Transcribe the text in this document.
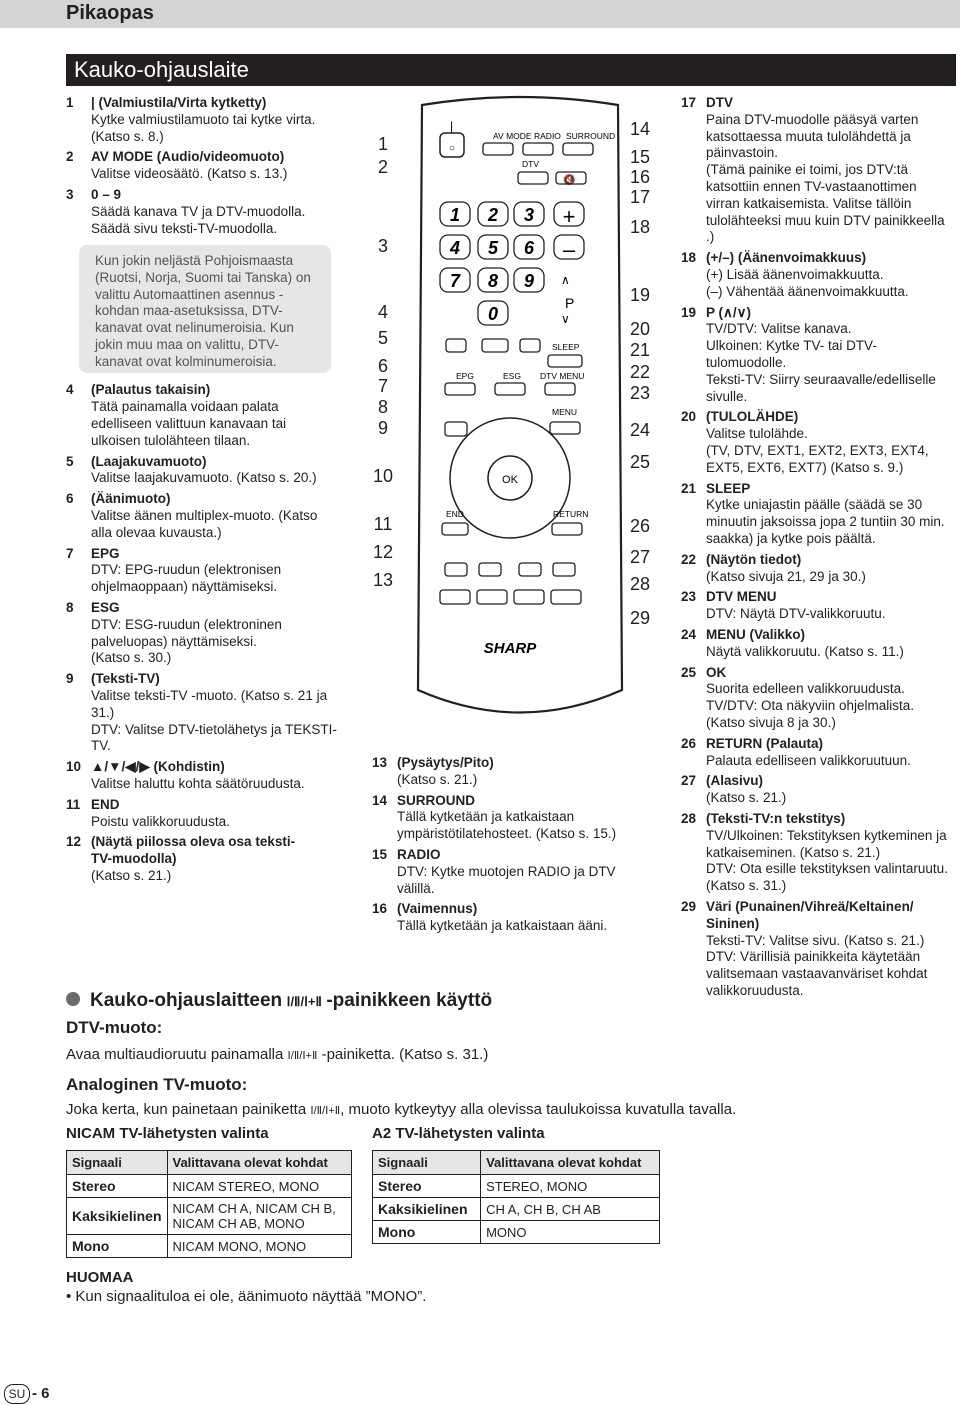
Pikaopas
Kauko-ohjauslaite
1 | (Valmiustila/Virta kytketty)
Kytke valmiustilamuoto tai kytke virta.
(Katso s. 8.)
2 AV MODE (Audio/videomuoto)
Valitse videosäätö. (Katso s. 13.)
3 0 – 9
Säädä kanava TV ja DTV-muodolla.
Säädä sivu teksti-TV-muodolla.
4 (Palautus takaisin)
Tätä painamalla voidaan palata
edelliseen valittuun kanavaan tai
ulkoisen tulolähteen tilaan.
5 (Laajakuvamuoto)
Valitse laajakuvamuoto. (Katso s. 20.)
6 (Äänimuoto)
Valitse äänen multiplex-muoto. (Katso
alla olevaa kuvausta.)
7 EPG
DTV: EPG-ruudun (elektronisen
ohjelmaoppaan) näyttämiseksi.
8 ESG
DTV: ESG-ruudun (elektroninen
palveluopas) näyttämiseksi.
(Katso s. 30.)
9 (Teksti-TV)
Valitse teksti-TV -muoto. (Katso s. 21 ja
31.)
DTV: Valitse DTV-tietolähetys ja TEKSTI-
TV.
10 ▲/▼/◀/▶ (Kohdistin)
Valitse haluttu kohta säätöruudusta.
11 END
Poistu valikkoruudusta.
12 (Näytä piilossa oleva osa teksti-
TV-muodolla)
(Katso s. 21.)
Kun jokin neljästä Pohjoismaasta (Ruotsi, Norja, Suomi tai Tanska) on valittu Automaattinen asennus -kohdan maa-asetuksissa, DTV-kanavat ovat nelinumeroisia. Kun jokin muu maa on valittu, DTV-kanavat ovat kolminumeroisia.
13 (Pysäytys/Pito)
(Katso s. 21.)
14 SURROUND
Tällä kytketään ja katkaistaan
ympäristötilatehosteet. (Katso s. 15.)
15 RADIO
DTV: Kytke muotojen RADIO ja DTV
välillä.
16 (Vaimennus)
Tällä kytketään ja katkaistaan ääni.
17 DTV
Paina DTV-muodolle pääsyä varten
katsottaessa muuta tulolähdettä ja
päinvastoin.
(Tämä painike ei toimi, jos DTV:tä
katsottiin ennen TV-vastaanottimen
virran katkaisemista. Valitse tällöin
tulolähteeksi muu kuin DTV painikkeella
.)
18 (+/–) (Äänenvoimakkuus)
(+) Lisää äänenvoimakkuutta.
(–) Vähentää äänenvoimakkuutta.
19 P (∧/∨)
TV/DTV: Valitse kanava.
Ulkoinen: Kytke TV- tai DTV-
tulomuodolle.
Teksti-TV: Siirry seuraavalle/edelliselle
sivulle.
20 (TULOLÄHDE)
Valitse tulolähde.
(TV, DTV, EXT1, EXT2, EXT3, EXT4,
EXT5, EXT6, EXT7) (Katso s. 9.)
21 SLEEP
Kytke uniajastin päälle (säädä se 30
minuutin jaksoissa jopa 2 tuntiin 30 min.
saakka) ja kytke pois päältä.
22 (Näytön tiedot)
(Katso sivuja 21, 29 ja 30.)
23 DTV MENU
DTV: Näytä DTV-valikkoruutu.
24 MENU (Valikko)
Näytä valikkoruutu. (Katso s. 11.)
25 OK
Suorita edelleen valikkoruudusta.
TV/DTV: Ota näkyviin ohjelmalista.
(Katso sivuja 8 ja 30.)
26 RETURN (Palauta)
Palauta edelliseen valikkoruutuun.
27 (Alasivu)
(Katso s. 21.)
28 (Teksti-TV:n tekstitys)
TV/Ulkoinen: Tekstityksen kytkeminen ja
katkaiseminen. (Katso s. 21.)
DTV: Ota esille tekstityksen valintaruutu.
(Katso s. 31.)
29 Väri (Punainen/Vihreä/Keltainen/
Sininen)
Teksti-TV: Valitse sivu. (Katso s. 21.)
DTV: Värillisiä painikkeita käytetään
valitsemaan vastaavanväriset kohdat
valikkoruudusta.
1
2
3
4
5
6
7
8
9
10
11
12
13
14
15
16
17
18
19
20
21
22
23
24
25
26
27
28
29
○
|
AV MODE RADIO SURROUND
DTV
🔇
1 2 3
4 5 6
7 8 9
0
+
–
P
∧
∨
SLEEP
EPG	ESG DTV MENU
MENU
OK
END	RETURN
SHARP
Kauko-ohjauslaitteen Ⅰ/Ⅱ/Ⅰ+Ⅱ -painikkeen käyttö
DTV-muoto:
Avaa multiaudioruutu painamalla Ⅰ/Ⅱ/Ⅰ+Ⅱ -painiketta. (Katso s. 31.)
Analoginen TV-muoto:
Joka kerta, kun painetaan painiketta Ⅰ/Ⅱ/Ⅰ+Ⅱ, muoto kytkeytyy alla olevissa taulukoissa kuvatulla tavalla.
NICAM TV-lähetysten valinta	A2 TV-lähetysten valinta
Signaali	Valittavana olevat kohdat
Stereo	NICAM STEREO, MONO
Kaksikielinen	NICAM CH A, NICAM CH B, NICAM CH AB, MONO
Mono	NICAM MONO, MONO
Signaali	Valittavana olevat kohdat
Stereo	STEREO, MONO
Kaksikielinen	CH A, CH B, CH AB
Mono	MONO
HUOMAA
• Kun signaalituloa ei ole, äänimuoto näyttää ”MONO”.
SU - 6
